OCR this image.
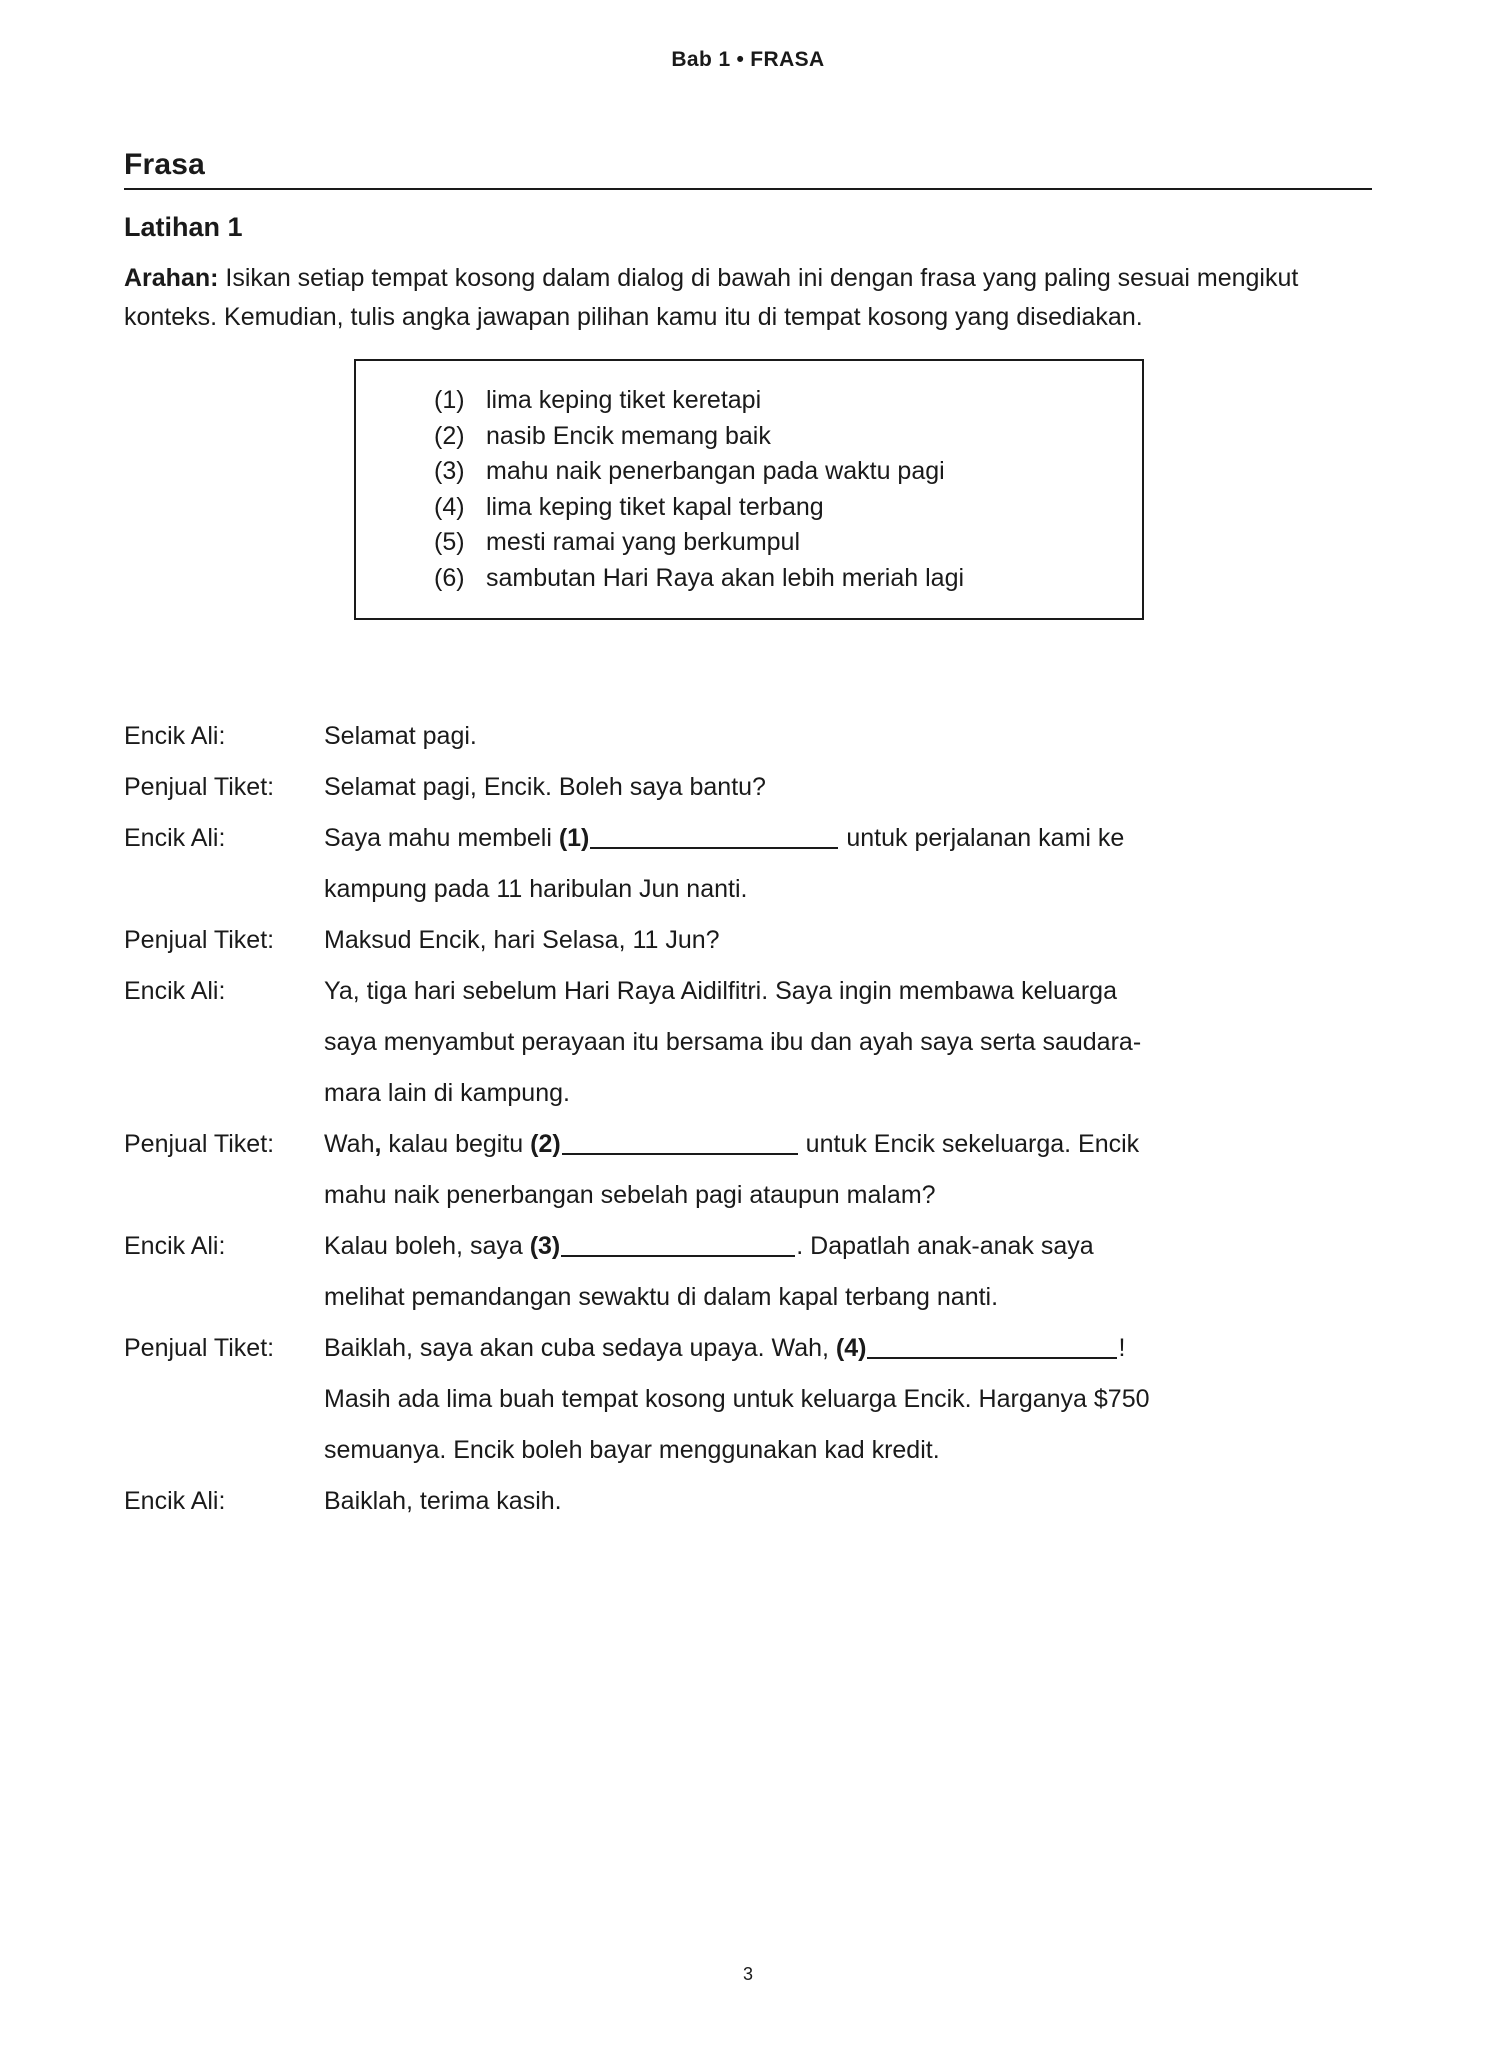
Bab 1 • FRASA
Frasa
Latihan 1
Arahan: Isikan setiap tempat kosong dalam dialog di bawah ini dengan frasa yang paling sesuai mengikut konteks. Kemudian, tulis angka jawapan pilihan kamu itu di tempat kosong yang disediakan.
(1) lima keping tiket keretapi
(2) nasib Encik memang baik
(3) mahu naik penerbangan pada waktu pagi
(4) lima keping tiket kapal terbang
(5) mesti ramai yang berkumpul
(6) sambutan Hari Raya akan lebih meriah lagi
Encik Ali:	Selamat pagi.
Penjual Tiket:	Selamat pagi, Encik. Boleh saya bantu?
Encik Ali:	Saya mahu membeli (1)	untuk perjalanan kami ke
kampung pada 11 haribulan Jun nanti.
Penjual Tiket:	Maksud Encik, hari Selasa, 11 Jun?
Encik Ali:	Ya, tiga hari sebelum Hari Raya Aidilfitri. Saya ingin membawa keluarga
saya menyambut perayaan itu bersama ibu dan ayah saya serta saudara-
mara lain di kampung.
Penjual Tiket:	Wah, kalau begitu (2)	untuk Encik sekeluarga. Encik
mahu naik penerbangan sebelah pagi ataupun malam?
Encik Ali:	Kalau boleh, saya (3)	. Dapatlah anak-anak saya
melihat pemandangan sewaktu di dalam kapal terbang nanti.
Penjual Tiket:	Baiklah, saya akan cuba sedaya upaya. Wah, (4)	!
Masih ada lima buah tempat kosong untuk keluarga Encik. Harganya $750
semuanya. Encik boleh bayar menggunakan kad kredit.
Encik Ali:	Baiklah, terima kasih.
3
